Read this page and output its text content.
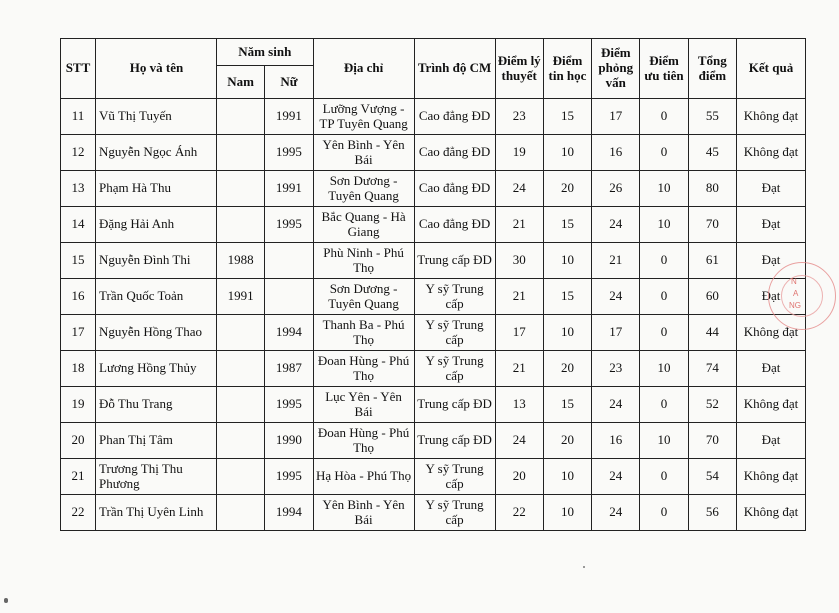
STT	Họ và tên	Năm sinh		Địa chỉ	Trình độ CM	Điểm lý thuyết	Điểm tin học	Điểm phỏng vấn	Điểm ưu tiên	Tổng điểm	Kết quả
		Nam	Nữ								
11	Vũ Thị Tuyến		1991	Lưỡng Vượng - TP Tuyên Quang	Cao đẳng ĐD	23	15	17	0	55	Không đạt
12	Nguyễn Ngọc Ánh		1995	Yên Bình - Yên Bái	Cao đẳng ĐD	19	10	16	0	45	Không đạt
13	Phạm Hà Thu		1991	Sơn Dương - Tuyên Quang	Cao đẳng ĐD	24	20	26	10	80	Đạt
14	Đặng Hải Anh		1995	Bắc Quang - Hà Giang	Cao đẳng ĐD	21	15	24	10	70	Đạt
15	Nguyễn Đình Thi	1988		Phù Ninh - Phú Thọ	Trung cấp ĐD	30	10	21	0	61	Đạt
16	Trần Quốc Toản	1991		Sơn Dương - Tuyên Quang	Y sỹ Trung cấp	21	15	24	0	60	Đạt
17	Nguyễn Hồng Thao		1994	Thanh Ba - Phú Thọ	Y sỹ Trung cấp	17	10	17	0	44	Không đạt
18	Lương Hồng Thủy		1987	Đoan Hùng - Phú Thọ	Y sỹ Trung cấp	21	20	23	10	74	Đạt
19	Đỗ Thu Trang		1995	Lục Yên - Yên Bái	Trung cấp ĐD	13	15	24	0	52	Không đạt
20	Phan Thị Tâm		1990	Đoan Hùng - Phú Thọ	Trung cấp ĐD	24	20	16	10	70	Đạt
21	Trương Thị Thu Phương		1995	Hạ Hòa - Phú Thọ	Y sỹ Trung cấp	20	10	24	0	54	Không đạt
22	Trần Thị Uyên Linh		1994	Yên Bình - Yên Bái	Y sỹ Trung cấp	22	10	24	0	56	Không đạt
N
A
NG
